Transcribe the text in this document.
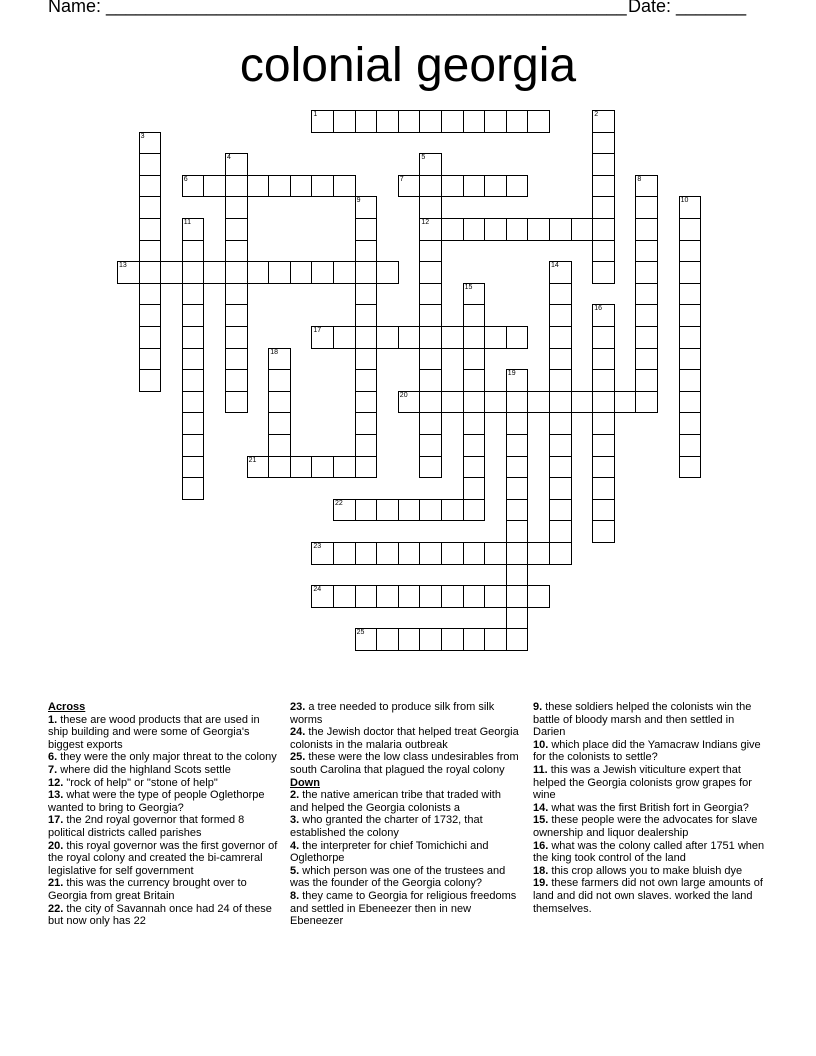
Name: ____________________________________________________ Date: _______
colonial georgia
1	2
3
4	5
12
6	7	8
9	10
11
13	14
15
16
17
18
19
20
21
22
23
24
25
Across
1. these are wood products that are used in ship building and were some of Georgia's biggest exports
6. they were the only major threat to the colony
7. where did the highland Scots settle
12. "rock of help" or "stone of help"
13. what were the type of people Oglethorpe wanted to bring to Georgia?
17. the 2nd royal governor that formed 8 political districts called parishes
20. this royal governor was the first governor of the royal colony and created the bi-camreral legislative for self government
21. this was the currency brought over to Georgia from great Britain
22. the city of Savannah once had 24 of these but now only has 22
23. a tree needed to produce silk from silk worms
24. the Jewish doctor that helped treat Georgia colonists in the malaria outbreak
25. these were the low class undesirables from south Carolina that plagued the royal colony
Down
2. the native american tribe that traded with and helped the Georgia colonists a
3. who granted the charter of 1732, that established the colony
4. the interpreter for chief Tomichichi and Oglethorpe
5. which person was one of the trustees and was the founder of the Georgia colony?
8. they came to Georgia for religious freedoms and settled in Ebeneezer then in new Ebeneezer
9. these soldiers helped the colonists win the battle of bloody marsh and then settled in Darien
10. which place did the Yamacraw Indians give for the colonists to settle?
11. this was a Jewish viticulture expert that helped the Georgia colonists grow grapes for wine
14. what was the first British fort in Georgia?
15. these people were the advocates for slave ownership and liquor dealership
16. what was the colony called after 1751 when the king took control of the land
18. this crop allows you to make bluish dye
19. these farmers did not own large amounts of land and did not own slaves. worked the land themselves.
